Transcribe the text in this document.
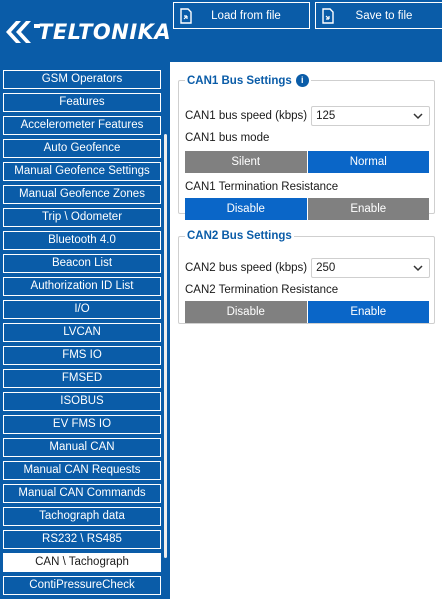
TELTONIKA
Load from file	Save to file
GSM Operators
Features
Accelerometer Features
Auto Geofence
Manual Geofence Settings
Manual Geofence Zones
Trip \ Odometer
Bluetooth 4.0
Beacon List
Authorization ID List
I/O
LVCAN
FMS IO
FMSED
ISOBUS
EV FMS IO
Manual CAN
Manual CAN Requests
Manual CAN Commands
Tachograph data
RS232 \ RS485
CAN \ Tachograph
ContiPressureCheck
CAN1 Bus Settings	i
CAN1 bus speed (kbps) 125
CAN1 bus mode
Silent	Normal
CAN1 Termination Resistance
Disable	Enable
CAN2 Bus Settings
CAN2 bus speed (kbps) 250
CAN2 Termination Resistance
Disable	Enable
